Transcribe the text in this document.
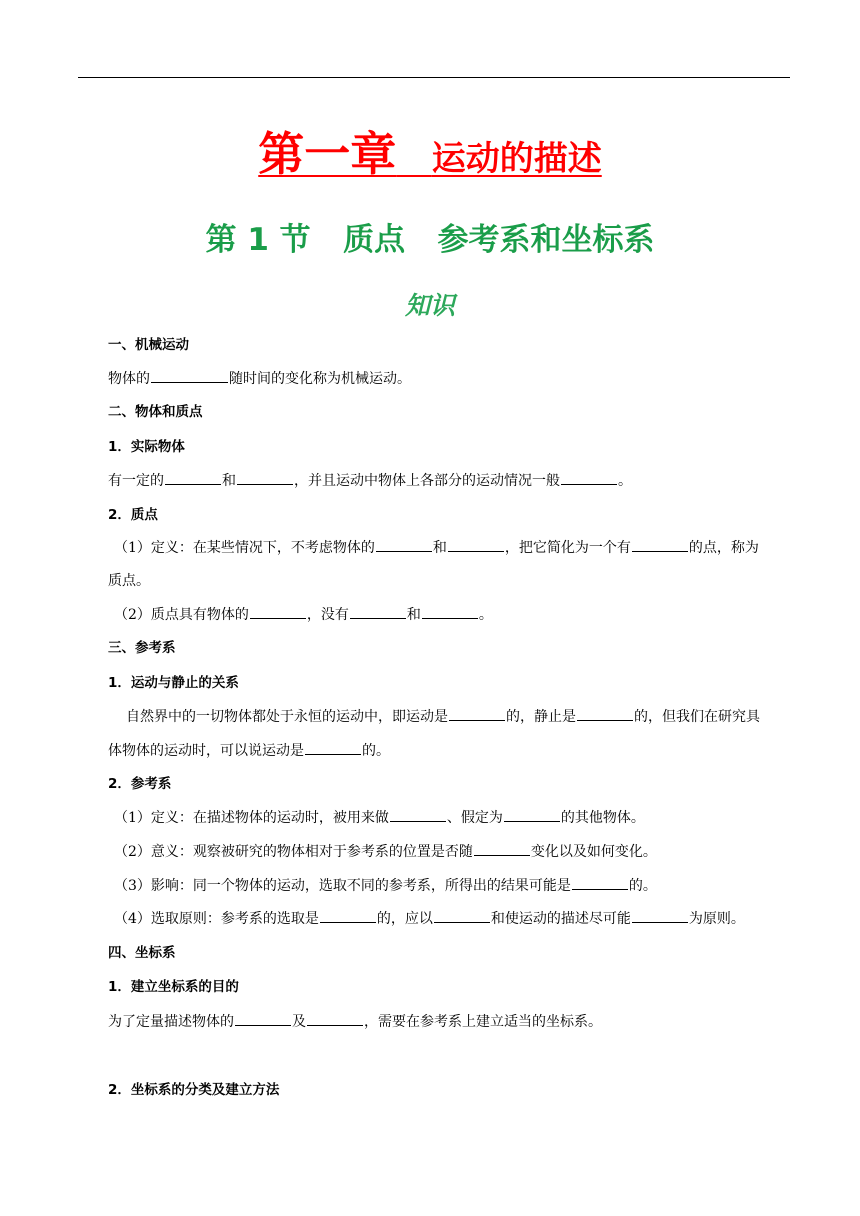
第一章 运动的描述
第 1 节   质点   参考系和坐标系
知识
一、机械运动
物体的	随时间的变化称为机械运动。
二、物体和质点
1．实际物体
有一定的	和	，并且运动中物体上各部分的运动情况一般	。
2．质点
（1）定义：在某些情况下，不考虑物体的	和	，把它简化为一个有	的点，称为
质点。
（2）质点具有物体的	，没有	和	。
三、参考系
1．运动与静止的关系
自然界中的一切物体都处于永恒的运动中，即运动是	的，静止是	的，但我们在研究具
体物体的运动时，可以说运动是	的。
2．参考系
（1）定义：在描述物体的运动时，被用来做	、假定为	的其他物体。
（2）意义：观察被研究的物体相对于参考系的位置是否随	变化以及如何变化。
（3）影响：同一个物体的运动，选取不同的参考系，所得出的结果可能是	的。
（4）选取原则：参考系的选取是	的，应以	和使运动的描述尽可能	为原则。
四、坐标系
1．建立坐标系的目的
为了定量描述物体的	及	，需要在参考系上建立适当的坐标系。
2．坐标系的分类及建立方法
